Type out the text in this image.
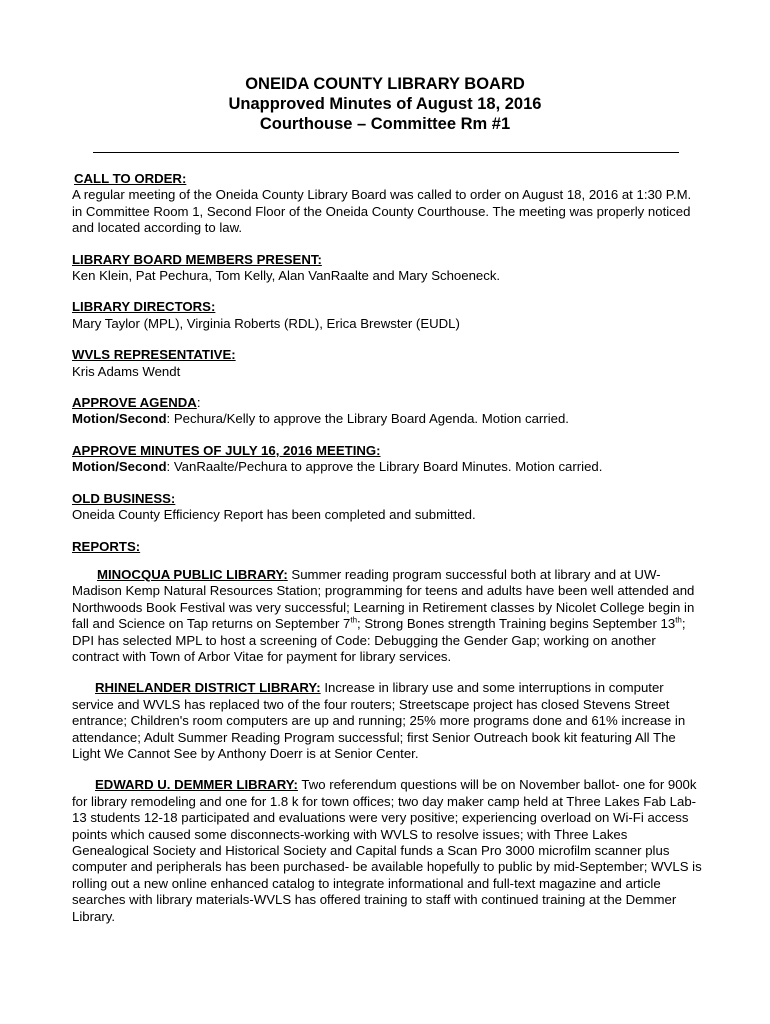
ONEIDA COUNTY LIBRARY BOARD
Unapproved Minutes of August 18, 2016
Courthouse – Committee Rm #1
CALL TO ORDER:
A regular meeting of the Oneida County Library Board was called to order on August 18, 2016 at 1:30 P.M. in Committee Room 1, Second Floor of the Oneida County Courthouse. The meeting was properly noticed and located according to law.
LIBRARY BOARD MEMBERS PRESENT:
Ken Klein, Pat Pechura, Tom Kelly, Alan VanRaalte and Mary Schoeneck.
LIBRARY DIRECTORS:
Mary Taylor (MPL), Virginia Roberts (RDL), Erica Brewster (EUDL)
WVLS REPRESENTATIVE:
Kris Adams Wendt
APPROVE AGENDA:
Motion/Second: Pechura/Kelly to approve the Library Board Agenda. Motion carried.
APPROVE MINUTES OF JULY 16, 2016 MEETING:
Motion/Second: VanRaalte/Pechura to approve the Library Board Minutes. Motion carried.
OLD BUSINESS:
Oneida County Efficiency Report has been completed and submitted.
REPORTS:
MINOCQUA PUBLIC LIBRARY: Summer reading program successful both at library and at UW-Madison Kemp Natural Resources Station; programming for teens and adults have been well attended and Northwoods Book Festival was very successful; Learning in Retirement classes by Nicolet College begin in fall and Science on Tap returns on September 7th; Strong Bones strength Training begins September 13th; DPI has selected MPL to host a screening of Code: Debugging the Gender Gap; working on another contract with Town of Arbor Vitae for payment for library services.
RHINELANDER DISTRICT LIBRARY: Increase in library use and some interruptions in computer service and WVLS has replaced two of the four routers; Streetscape project has closed Stevens Street entrance; Children's room computers are up and running; 25% more programs done and 61% increase in attendance; Adult Summer Reading Program successful; first Senior Outreach book kit featuring All The Light We Cannot See by Anthony Doerr is at Senior Center.
EDWARD U. DEMMER LIBRARY: Two referendum questions will be on November ballot- one for 900k for library remodeling and one for 1.8 k for town offices; two day maker camp held at Three Lakes Fab Lab- 13 students 12-18 participated and evaluations were very positive; experiencing overload on Wi-Fi access points which caused some disconnects-working with WVLS to resolve issues; with Three Lakes Genealogical Society and Historical Society and Capital funds a Scan Pro 3000 microfilm scanner plus computer and peripherals has been purchased- be available hopefully to public by mid-September; WVLS is rolling out a new online enhanced catalog to integrate informational and full-text magazine and article searches with library materials-WVLS has offered training to staff with continued training at the Demmer Library.
